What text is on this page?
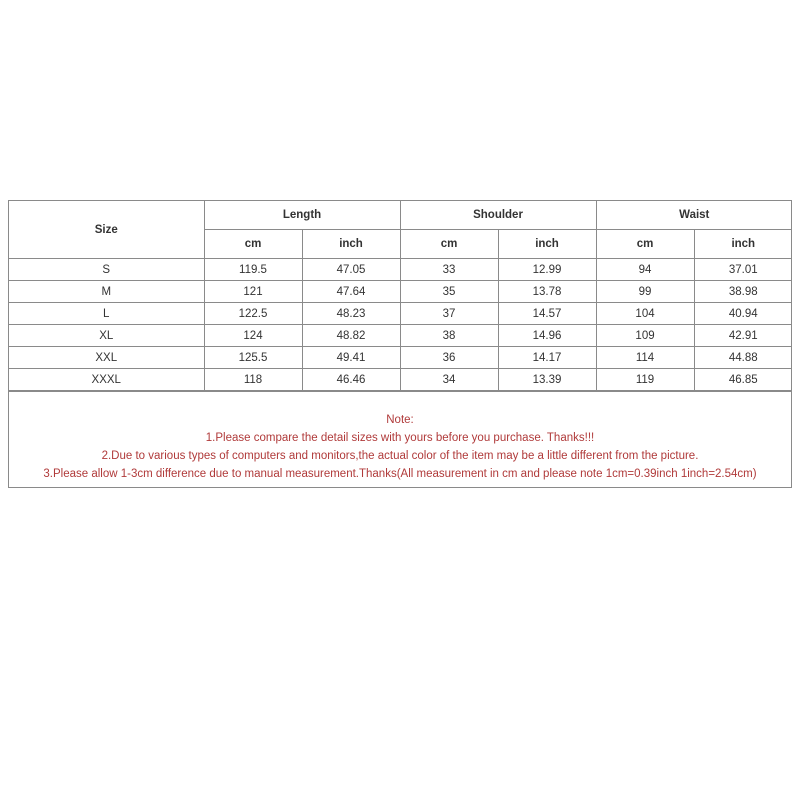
Size	Length		Shoulder		Waist	
	cm	inch	cm	inch	cm	inch
S	119.5	47.05	33	12.99	94	37.01
M	121	47.64	35	13.78	99	38.98
L	122.5	48.23	37	14.57	104	40.94
XL	124	48.82	38	14.96	109	42.91
XXL	125.5	49.41	36	14.17	114	44.88
XXXL	118	46.46	34	13.39	119	46.85
Note:
1.Please compare the detail sizes with yours before you purchase. Thanks!!!
2.Due to various types of computers and monitors,the actual color of the item may be a little different from the picture.
3.Please allow 1-3cm difference due to manual measurement.Thanks(All measurement in cm and please note 1cm=0.39inch 1inch=2.54cm)
